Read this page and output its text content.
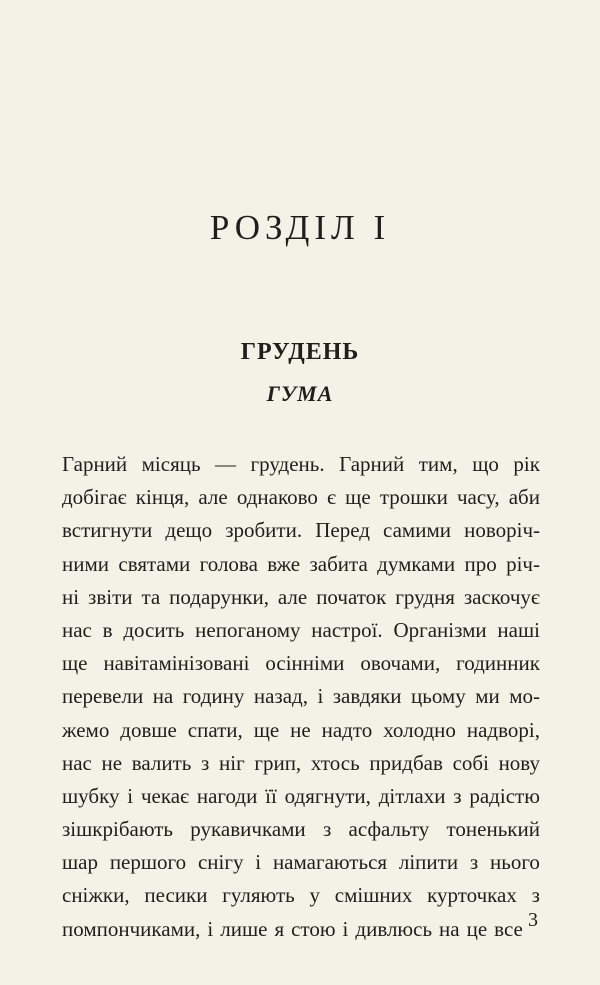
РОЗДІЛ І
ГРУДЕНЬ
ГУМА
Гарний місяць — грудень. Гарний тим, що рік
добігає кінця, але однаково є ще трошки часу, аби
встигнути дещо зробити. Перед самими новоріч-
ними святами голова вже забита думками про річ-
ні звіти та подарунки, але початок грудня заскочує
нас в досить непоганому настрої. Організми наші
ще навітамінізовані осінніми овочами, годинник
перевели на годину назад, і завдяки цьому ми мо-
жемо довше спати, ще не надто холодно надворі,
нас не валить з ніг грип, хтось придбав собі нову
шубку і чекає нагоди її одягнути, дітлахи з радістю
зішкрібають рукавичками з асфальту тоненький
шар першого снігу і намагаються ліпити з нього
сніжки, песики гуляють у смішних курточках з
помпончиками, і лише я стою і дивлюсь на це все 3
